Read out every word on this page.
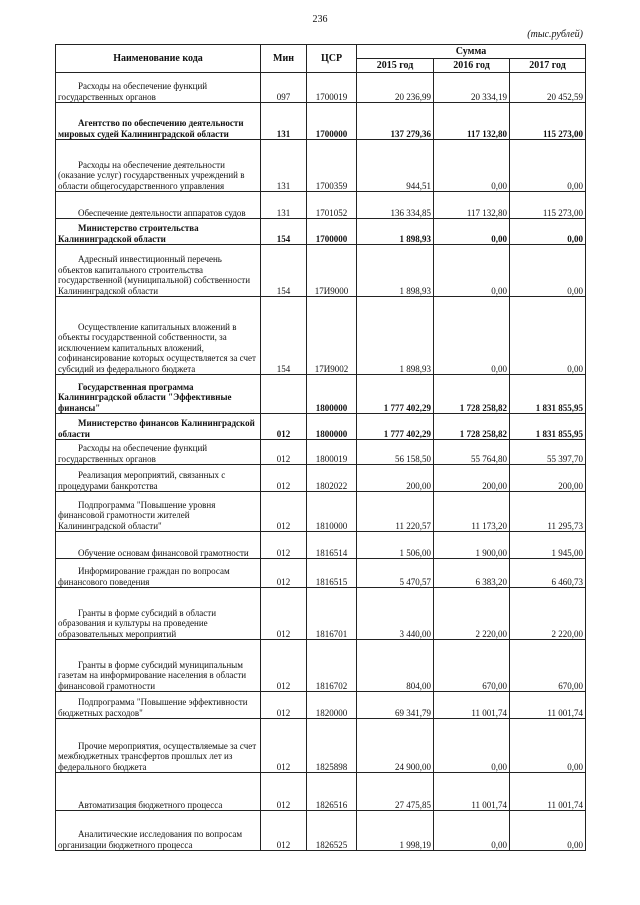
236
(тыс.рублей)
Наименование кода	Мин	ЦСР	Сумма		
			2015 год	2016 год	2017 год
Расходы на обеспечение функций государственных органов	097	1700019	20 236,99	20 334,19	20 452,59
Агентство по обеспечению деятельности мировых судей Калининградской области	131	1700000	137 279,36	117 132,80	115 273,00
Расходы на обеспечение деятельности (оказание услуг) государственных учреждений в области общегосударственного управления	131	1700359	944,51	0,00	0,00
Обеспечение деятельности аппаратов судов	131	1701052	136 334,85	117 132,80	115 273,00
Министерство строительства Калининградской области	154	1700000	1 898,93	0,00	0,00
Адресный инвестиционный перечень объектов капитального строительства государственной (муниципальной) собственности Калининградской области	154	17И9000	1 898,93	0,00	0,00
Осуществление капитальных вложений в объекты государственной собственности, за исключением капитальных вложений, софинансирование которых осуществляется за счет субсидий из федерального бюджета	154	17И9002	1 898,93	0,00	0,00
Государственная программа Калининградской области "Эффективные финансы"		1800000	1 777 402,29	1 728 258,82	1 831 855,95
Министерство финансов Калининградской области	012	1800000	1 777 402,29	1 728 258,82	1 831 855,95
Расходы на обеспечение функций государственных органов	012	1800019	56 158,50	55 764,80	55 397,70
Реализация мероприятий, связанных с процедурами банкротства	012	1802022	200,00	200,00	200,00
Подпрограмма "Повышение уровня финансовой грамотности жителей Калининградской области"	012	1810000	11 220,57	11 173,20	11 295,73
Обучение основам финансовой грамотности	012	1816514	1 506,00	1 900,00	1 945,00
Информирование граждан по вопросам финансового поведения	012	1816515	5 470,57	6 383,20	6 460,73
Гранты в форме субсидий в области образования и культуры на проведение образовательных мероприятий	012	1816701	3 440,00	2 220,00	2 220,00
Гранты в форме субсидий муниципальным газетам на информирование населения в области финансовой грамотности	012	1816702	804,00	670,00	670,00
Подпрограмма "Повышение эффективности бюджетных расходов"	012	1820000	69 341,79	11 001,74	11 001,74
Прочие мероприятия, осуществляемые за счет межбюджетных трансфертов прошлых лет из федерального бюджета	012	1825898	24 900,00	0,00	0,00
Автоматизация бюджетного процесса	012	1826516	27 475,85	11 001,74	11 001,74
Аналитические исследования по вопросам организации бюджетного процесса	012	1826525	1 998,19	0,00	0,00
